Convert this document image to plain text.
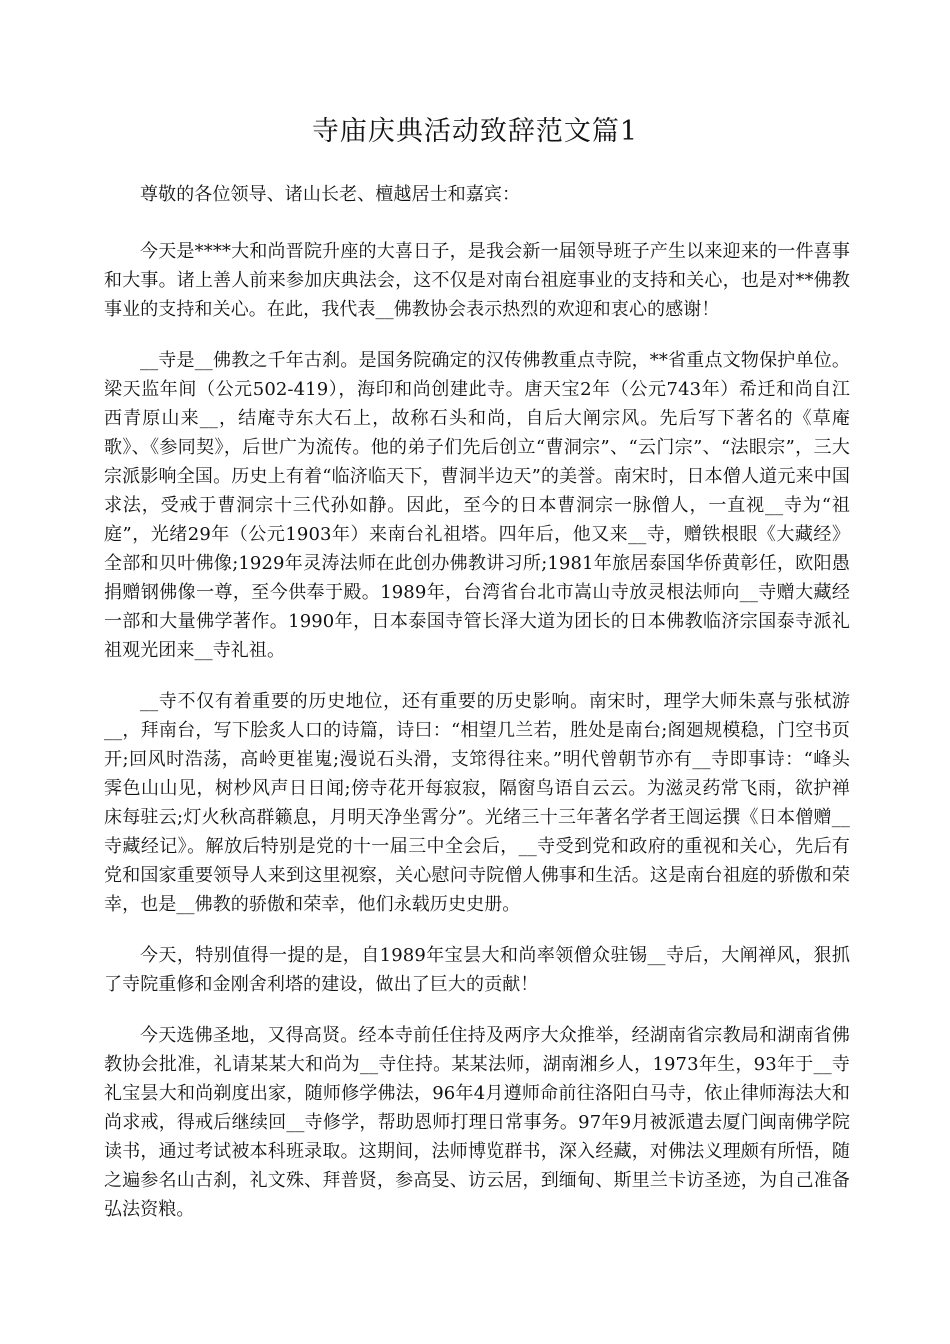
寺庙庆典活动致辞范文篇1

尊敬的各位领导、诸山长老、檀越居士和嘉宾：

今天是****大和尚晋院升座的大喜日子，是我会新一届领导班子产生以来迎来的一件喜事和大事。诸上善人前来参加庆典法会，这不仅是对南台祖庭事业的支持和关心，也是对**佛教事业的支持和关心。在此，我代表__佛教协会表示热烈的欢迎和衷心的感谢！

__寺是__佛教之千年古刹。是国务院确定的汉传佛教重点寺院，**省重点文物保护单位。梁天监年间（公元502-419），海印和尚创建此寺。唐天宝2年（公元743年）希迁和尚自江西青原山来__，结庵寺东大石上，故称石头和尚，自后大阐宗风。先后写下著名的《草庵歌》、《参同契》，后世广为流传。他的弟子们先后创立“曹洞宗”、“云门宗”、“法眼宗”，三大宗派影响全国。历史上有着“临济临天下，曹洞半边天”的美誉。南宋时，日本僧人道元来中国求法，受戒于曹洞宗十三代孙如静。因此，至今的日本曹洞宗一脉僧人，一直视__寺为“祖庭”，光绪29年（公元1903年）来南台礼祖塔。四年后，他又来__寺，赠铁根眼《大藏经》全部和贝叶佛像;1929年灵涛法师在此创办佛教讲习所;1981年旅居泰国华侨黄彰任，欧阳愚捐赠钢佛像一尊，至今供奉于殿。1989年，台湾省台北市嵩山寺放灵根法师向__寺赠大藏经一部和大量佛学著作。1990年，日本泰国寺管长泽大道为团长的日本佛教临济宗国泰寺派礼祖观光团来__寺礼祖。

__寺不仅有着重要的历史地位，还有重要的历史影响。南宋时，理学大师朱熹与张栻游__，拜南台，写下脍炙人口的诗篇，诗曰：“相望几兰若，胜处是南台;阁廻规模稳，门空书页开;回风时浩荡，高岭更崔嵬;漫说石头滑，支筇得往来。”明代曾朝节亦有__寺即事诗：“峰头霁色山山见，树杪风声日日闻;傍寺花开每寂寂，隔窗鸟语自云云。为滋灵药常飞雨，欲护禅床每驻云;灯火秋高群籁息，月明天净坐霄分”。光绪三十三年著名学者王闿运撰《日本僧赠__寺藏经记》。解放后特别是党的十一届三中全会后，__寺受到党和政府的重视和关心，先后有党和国家重要领导人来到这里视察，关心慰问寺院僧人佛事和生活。这是南台祖庭的骄傲和荣幸，也是__佛教的骄傲和荣幸，他们永载历史史册。

今天，特别值得一提的是，自1989年宝昙大和尚率领僧众驻锡__寺后，大阐禅风，狠抓了寺院重修和金刚舍利塔的建设，做出了巨大的贡献！

今天选佛圣地，又得高贤。经本寺前任住持及两序大众推举，经湖南省宗教局和湖南省佛教协会批准，礼请某某大和尚为__寺住持。某某法师，湖南湘乡人，1973年生，93年于__寺礼宝昙大和尚剃度出家，随师修学佛法，96年4月遵师命前往洛阳白马寺，依止律师海法大和尚求戒，得戒后继续回__寺修学，帮助恩师打理日常事务。97年9月被派遣去厦门闽南佛学院读书，通过考试被本科班录取。这期间，法师博览群书，深入经藏，对佛法义理颇有所悟，随之遍参名山古刹，礼文殊、拜普贤，参高旻、访云居，到缅甸、斯里兰卡访圣迹，为自己准备弘法资粮。
